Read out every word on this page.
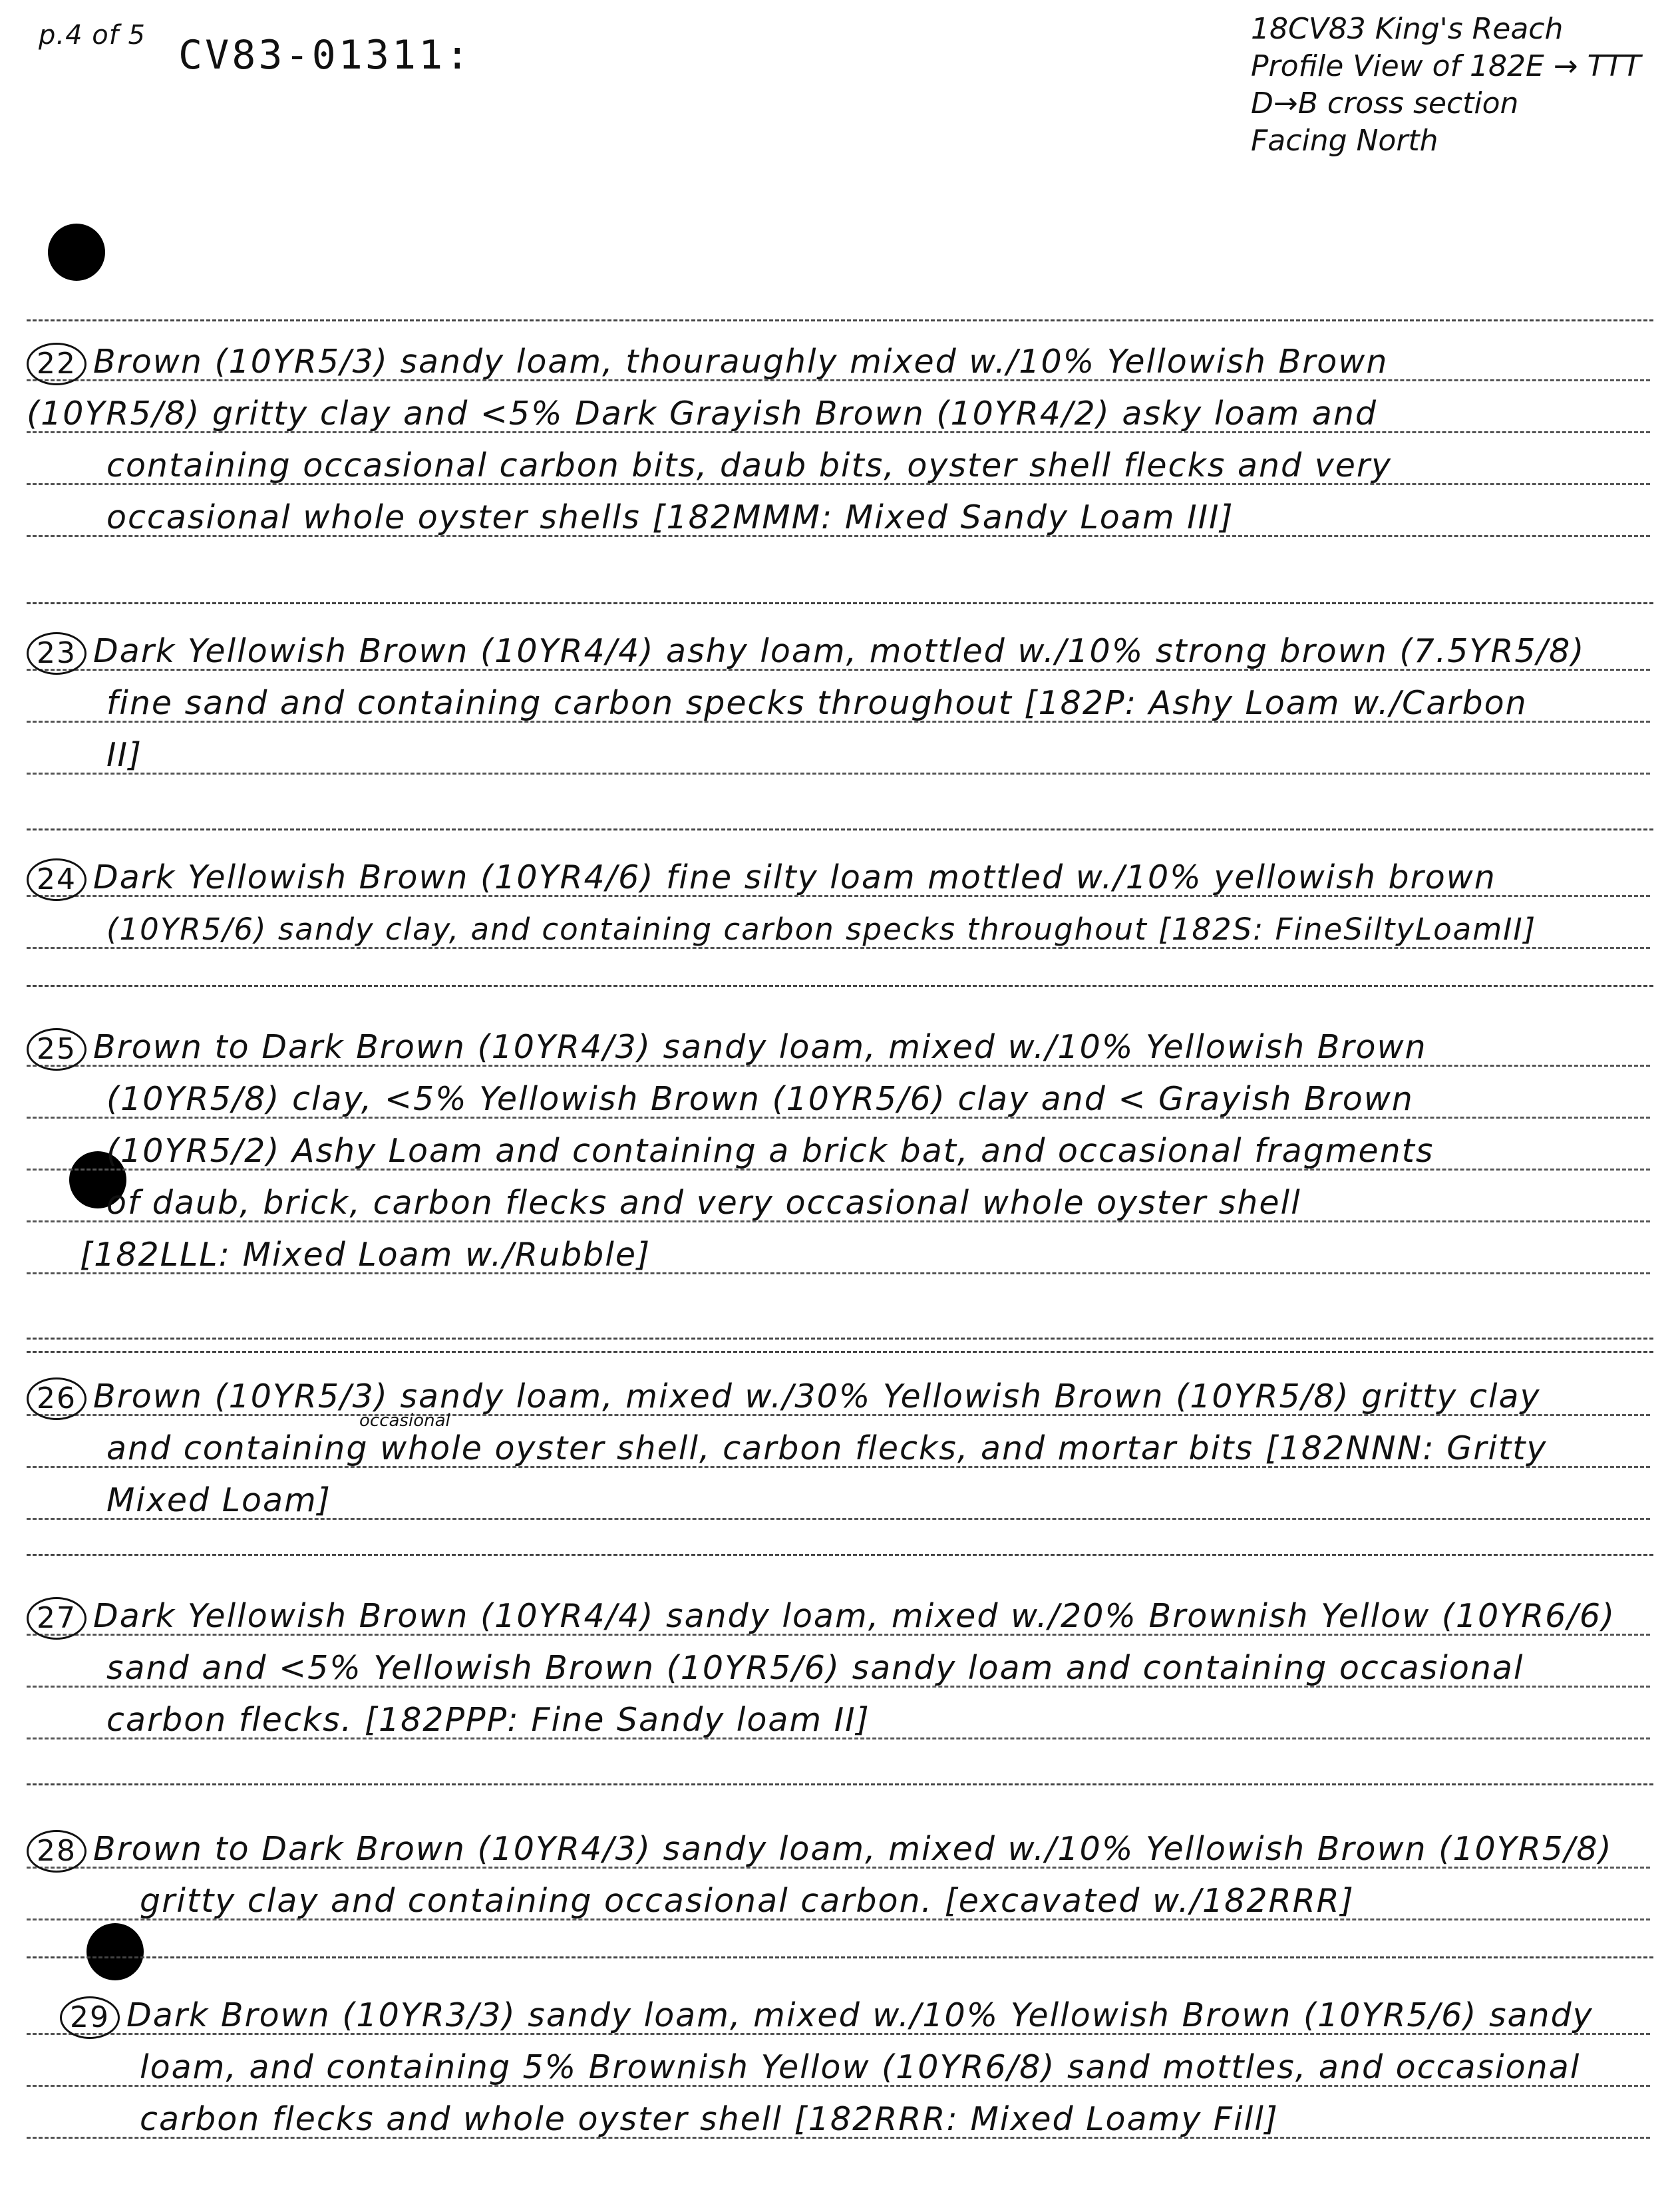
p.4 of 5 CV83-01311:
18CV83 King's Reach
Profile View of 182E → TTT
D→B cross section
Facing North
22 Brown (10YR5/3) sandy loam, thouraughly mixed w./10% Yellowish Brown
(10YR5/8) gritty clay and <5% Dark Grayish Brown (10YR4/2) asky loam and
containing occasional carbon bits, daub bits, oyster shell flecks and very
occasional whole oyster shells [182MMM: Mixed Sandy Loam III]
23 Dark Yellowish Brown (10YR4/4) ashy loam, mottled w./10% strong brown (7.5YR5/8)
fine sand and containing carbon specks throughout [182P: Ashy Loam w./Carbon
II]
24 Dark Yellowish Brown (10YR4/6) fine silty loam mottled w./10% yellowish brown
(10YR5/6) sandy clay, and containing carbon specks throughout [182S: FineSiltyLoamII]
25 Brown to Dark Brown (10YR4/3) sandy loam, mixed w./10% Yellowish Brown
(10YR5/8) clay, <5% Yellowish Brown (10YR5/6) clay and < Grayish Brown
(10YR5/2) Ashy Loam and containing a brick bat, and occasional fragments
of daub, brick, carbon flecks and very occasional whole oyster shell
[182LLL: Mixed Loam w./Rubble]
26 Brown (10YR5/3) sandy loam, mixed w./30% Yellowish Brown (10YR5/8) gritty clay
and containing whole oyster shell, carbon flecks, and mortar bits [182NNN: Gritty
Mixed Loam]
occasional
27 Dark Yellowish Brown (10YR4/4) sandy loam, mixed w./20% Brownish Yellow (10YR6/6)
sand and <5% Yellowish Brown (10YR5/6) sandy loam and containing occasional
carbon flecks. [182PPP: Fine Sandy loam II]
28 Brown to Dark Brown (10YR4/3) sandy loam, mixed w./10% Yellowish Brown (10YR5/8)
gritty clay and containing occasional carbon. [excavated w./182RRR]
29 Dark Brown (10YR3/3) sandy loam, mixed w./10% Yellowish Brown (10YR5/6) sandy
loam, and containing 5% Brownish Yellow (10YR6/8) sand mottles, and occasional
carbon flecks and whole oyster shell [182RRR: Mixed Loamy Fill]
